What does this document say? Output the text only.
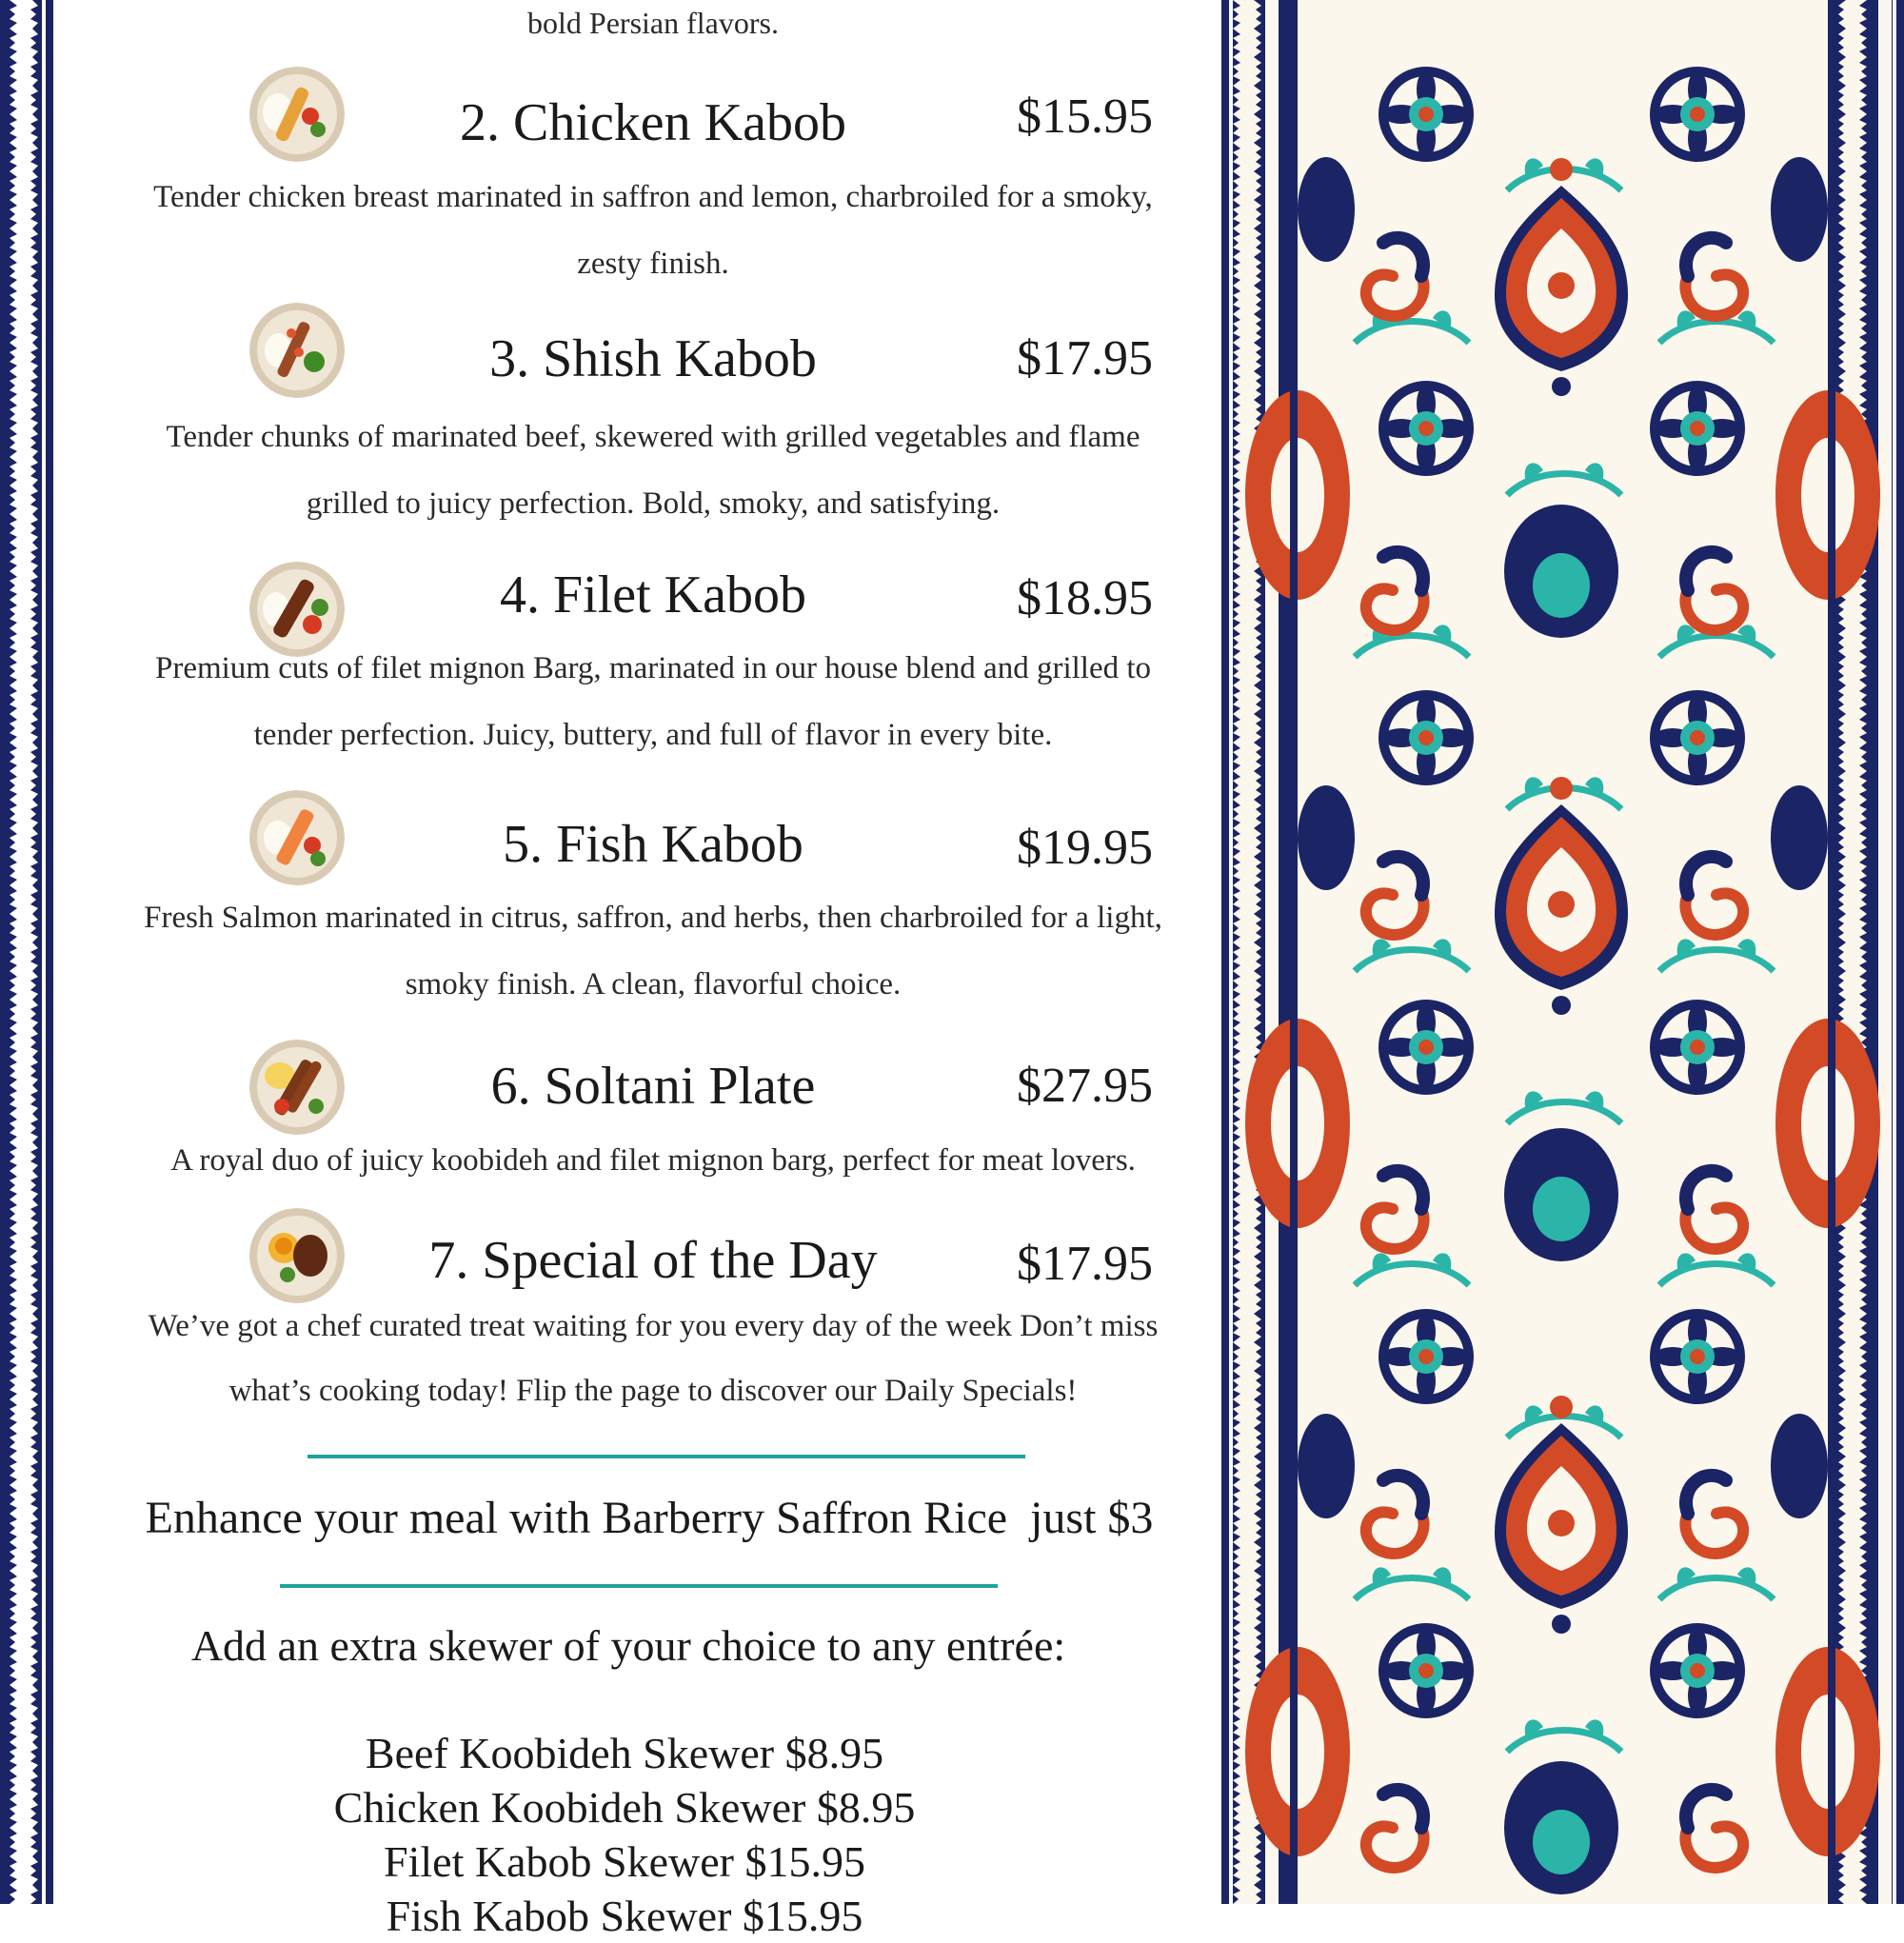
bold Persian flavors.
2. Chicken Kabob	$15.95
Tender chicken breast marinated in saffron and lemon, charbroiled for a smoky, zesty finish.
3. Shish Kabob	$17.95
Tender chunks of marinated beef, skewered with grilled vegetables and flame grilled to juicy perfection. Bold, smoky, and satisfying.
4. Filet Kabob	$18.95
Premium cuts of filet mignon Barg, marinated in our house blend and grilled to tender perfection. Juicy, buttery, and full of flavor in every bite.
5. Fish Kabob	$19.95
Fresh Salmon marinated in citrus, saffron, and herbs, then charbroiled for a light, smoky finish. A clean, flavorful choice.
6. Soltani Plate	$27.95
A royal duo of juicy koobideh and filet mignon barg, perfect for meat lovers.
7. Special of the Day	$17.95
We’ve got a chef curated treat waiting for you every day of the week Don’t miss what’s cooking today! Flip the page to discover our Daily Specials!
Enhance your meal with Barberry Saffron Rice  just $3
Add an extra skewer of your choice to any entrée:
Beef Koobideh Skewer $8.95
Chicken Koobideh Skewer $8.95
Filet Kabob Skewer $15.95
Fish Kabob Skewer $15.95
